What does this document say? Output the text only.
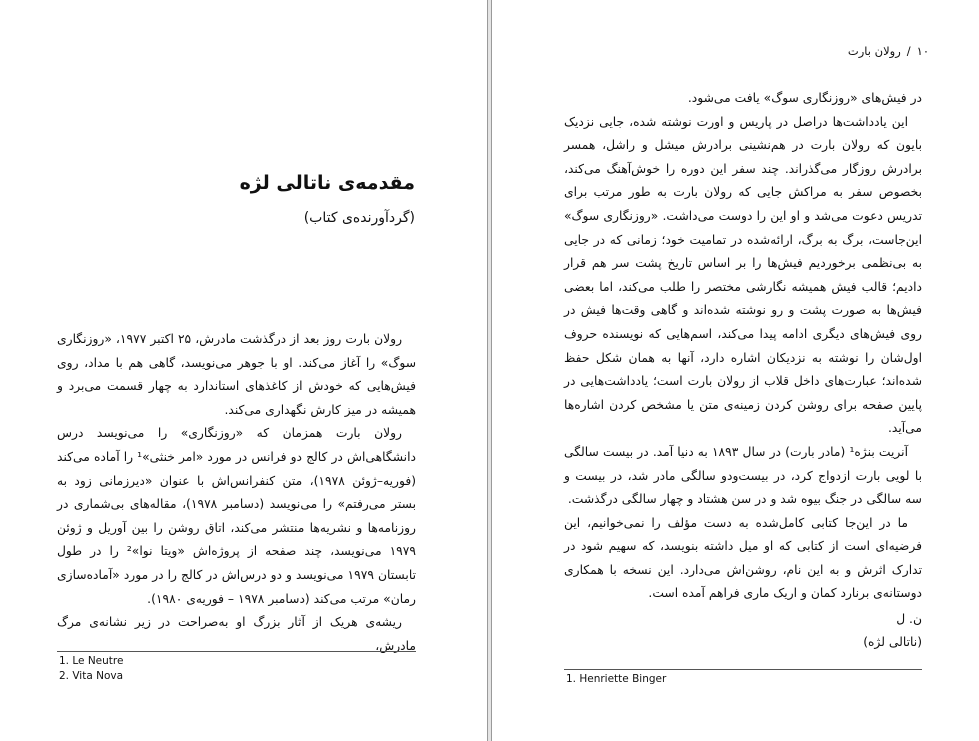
مقدمه‌ی ناتالی لژه
(گردآورنده‌ی کتاب)

رولان بارت روز بعد از درگذشت مادرش، ۲۵ اکتبر ۱۹۷۷، «روزنگاری سوگ» را آغاز می‌کند. او با جوهر می‌نویسد، گاهی هم با مداد، روی فیش‌هایی که خودش از کاغذهای استاندارد به چهار قسمت می‌برد و همیشه در میز کارش نگهداری می‌کند.

رولان بارت همزمان که «روزنگاری» را می‌نویسد درس دانشگاهی‌اش در کالج دو فرانس در مورد «امر خنثی»¹ را آماده می‌کند (فوریه–ژوئن ۱۹۷۸)، متن کنفرانس‌اش با عنوان «دیرزمانی زود به بستر می‌رفتم» را می‌نویسد (دسامبر ۱۹۷۸)، مقاله‌های بی‌شماری در روزنامه‌ها و نشریه‌ها منتشر می‌کند، اتاق روشن را بین آوریل و ژوئن ۱۹۷۹ می‌نویسد، چند صفحه از پروژه‌اش «ویتا نوا»² را در طول تابستان ۱۹۷۹ می‌نویسد و دو درس‌اش در کالج را در مورد «آماده‌سازی رمان» مرتب می‌کند (دسامبر ۱۹۷۸ – فوریه‌ی ۱۹۸۰).

ریشه‌ی هریک از آثار بزرگ او به‌صراحت در زیر نشانه‌ی مرگ مادرش،

1. Le Neutre
2. Vita Nova
۱۰/رولان بارت

در فیش‌های «روزنگاری سوگ» یافت می‌شود.

این یادداشت‌ها دراصل در پاریس و اورت نوشته شده، جایی نزدیک بایون که رولان بارت در هم‌نشینی برادرش میشل و راشل، همسر برادرش روزگار می‌گذراند. چند سفر این دوره را خوش‌آهنگ می‌کند، بخصوص سفر به مراکش جایی که رولان بارت به طور مرتب برای تدریس دعوت می‌شد و او این را دوست می‌داشت. «روزنگاری سوگ» این‌جاست، برگ به برگ، ارائه‌شده در تمامیت خود؛ زمانی که در جایی به بی‌نظمی برخوردیم فیش‌ها را بر اساس تاریخ پشت سر هم قرار دادیم؛ قالب فیش همیشه نگارشی مختصر را طلب می‌کند، اما بعضی فیش‌ها به صورت پشت و رو نوشته شده‌اند و گاهی وقت‌ها فیش در روی فیش‌های دیگری ادامه پیدا می‌کند، اسم‌هایی که نویسنده حروف اول‌شان را نوشته به نزدیکان اشاره دارد، آنها به همان شکل حفظ شده‌اند؛ عبارت‌های داخل قلاب از رولان بارت است؛ یادداشت‌هایی در پایین صفحه برای روشن کردن زمینه‌ی متن یا مشخص کردن اشاره‌ها می‌آید.

آنریت بنژه¹ (مادر بارت) در سال ۱۸۹۳ به دنیا آمد. در بیست سالگی با لویی بارت ازدواج کرد، در بیست‌ودو سالگی مادر شد، در بیست و سه سالگی در جنگ بیوه شد و در سن هشتاد و چهار سالگی درگذشت.

ما در این‌جا کتابی کامل‌شده به دست مؤلف را نمی‌خوانیم، این فرضیه‌ای است از کتابی که او میل داشته بنویسد، که سهیم شود در تدارک اثرش و به این نام، روشن‌اش می‌دارد. این نسخه با همکاری دوستانه‌ی برنارد کمان و اریک ماری فراهم آمده است.

ن. ل
(ناتالی لژه)
1. Henriette Binger
